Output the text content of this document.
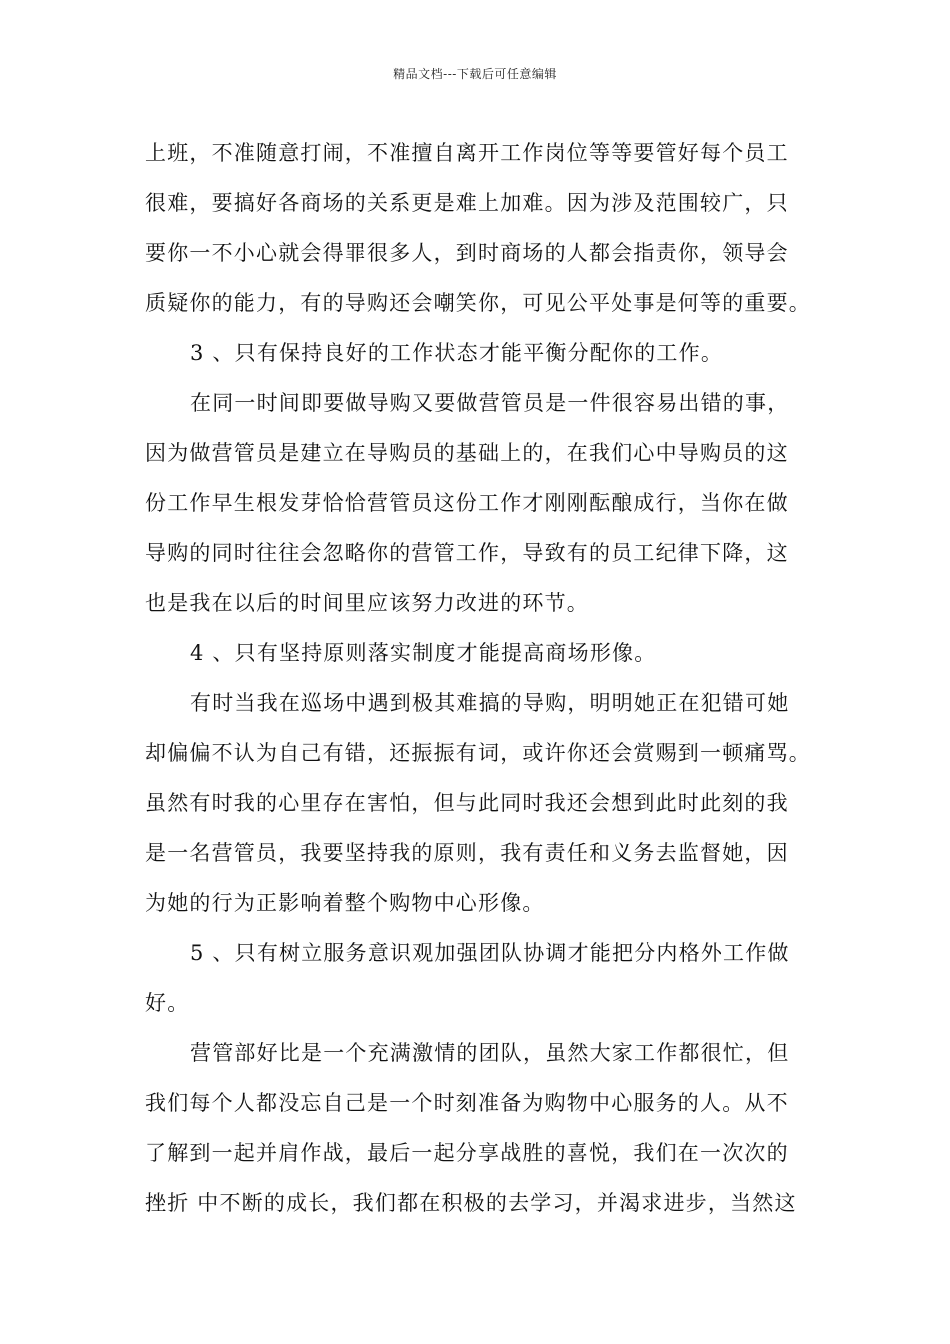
精品文档---下载后可任意编辑
上班，不准随意打闹，不准擅自离开工作岗位等等要管好每个员工
很难，要搞好各商场的关系更是难上加难。因为涉及范围较广，只
要你一不小心就会得罪很多人，到时商场的人都会指责你，领导会
质疑你的能力，有的导购还会嘲笑你，可见公平处事是何等的重要。
3 、只有保持良好的工作状态才能平衡分配你的工作。
在同一时间即要做导购又要做营管员是一件很容易出错的事，
因为做营管员是建立在导购员的基础上的，在我们心中导购员的这
份工作早生根发芽恰恰营管员这份工作才刚刚酝酿成行，当你在做
导购的同时往往会忽略你的营管工作，导致有的员工纪律下降，这
也是我在以后的时间里应该努力改进的环节。
4 、只有坚持原则落实制度才能提高商场形像。
有时当我在巡场中遇到极其难搞的导购，明明她正在犯错可她
却偏偏不认为自己有错，还振振有词，或许你还会赏赐到一顿痛骂。
虽然有时我的心里存在害怕，但与此同时我还会想到此时此刻的我
是一名营管员，我要坚持我的原则，我有责任和义务去监督她，因
为她的行为正影响着整个购物中心形像。
5 、只有树立服务意识观加强团队协调才能把分内格外工作做
好。
营管部好比是一个充满激情的团队，虽然大家工作都很忙，但
我们每个人都没忘自己是一个时刻准备为购物中心服务的人。从不
了解到一起并肩作战，最后一起分享战胜的喜悦，我们在一次次的
挫折 中不断的成长，我们都在积极的去学习，并渴求进步，当然这
